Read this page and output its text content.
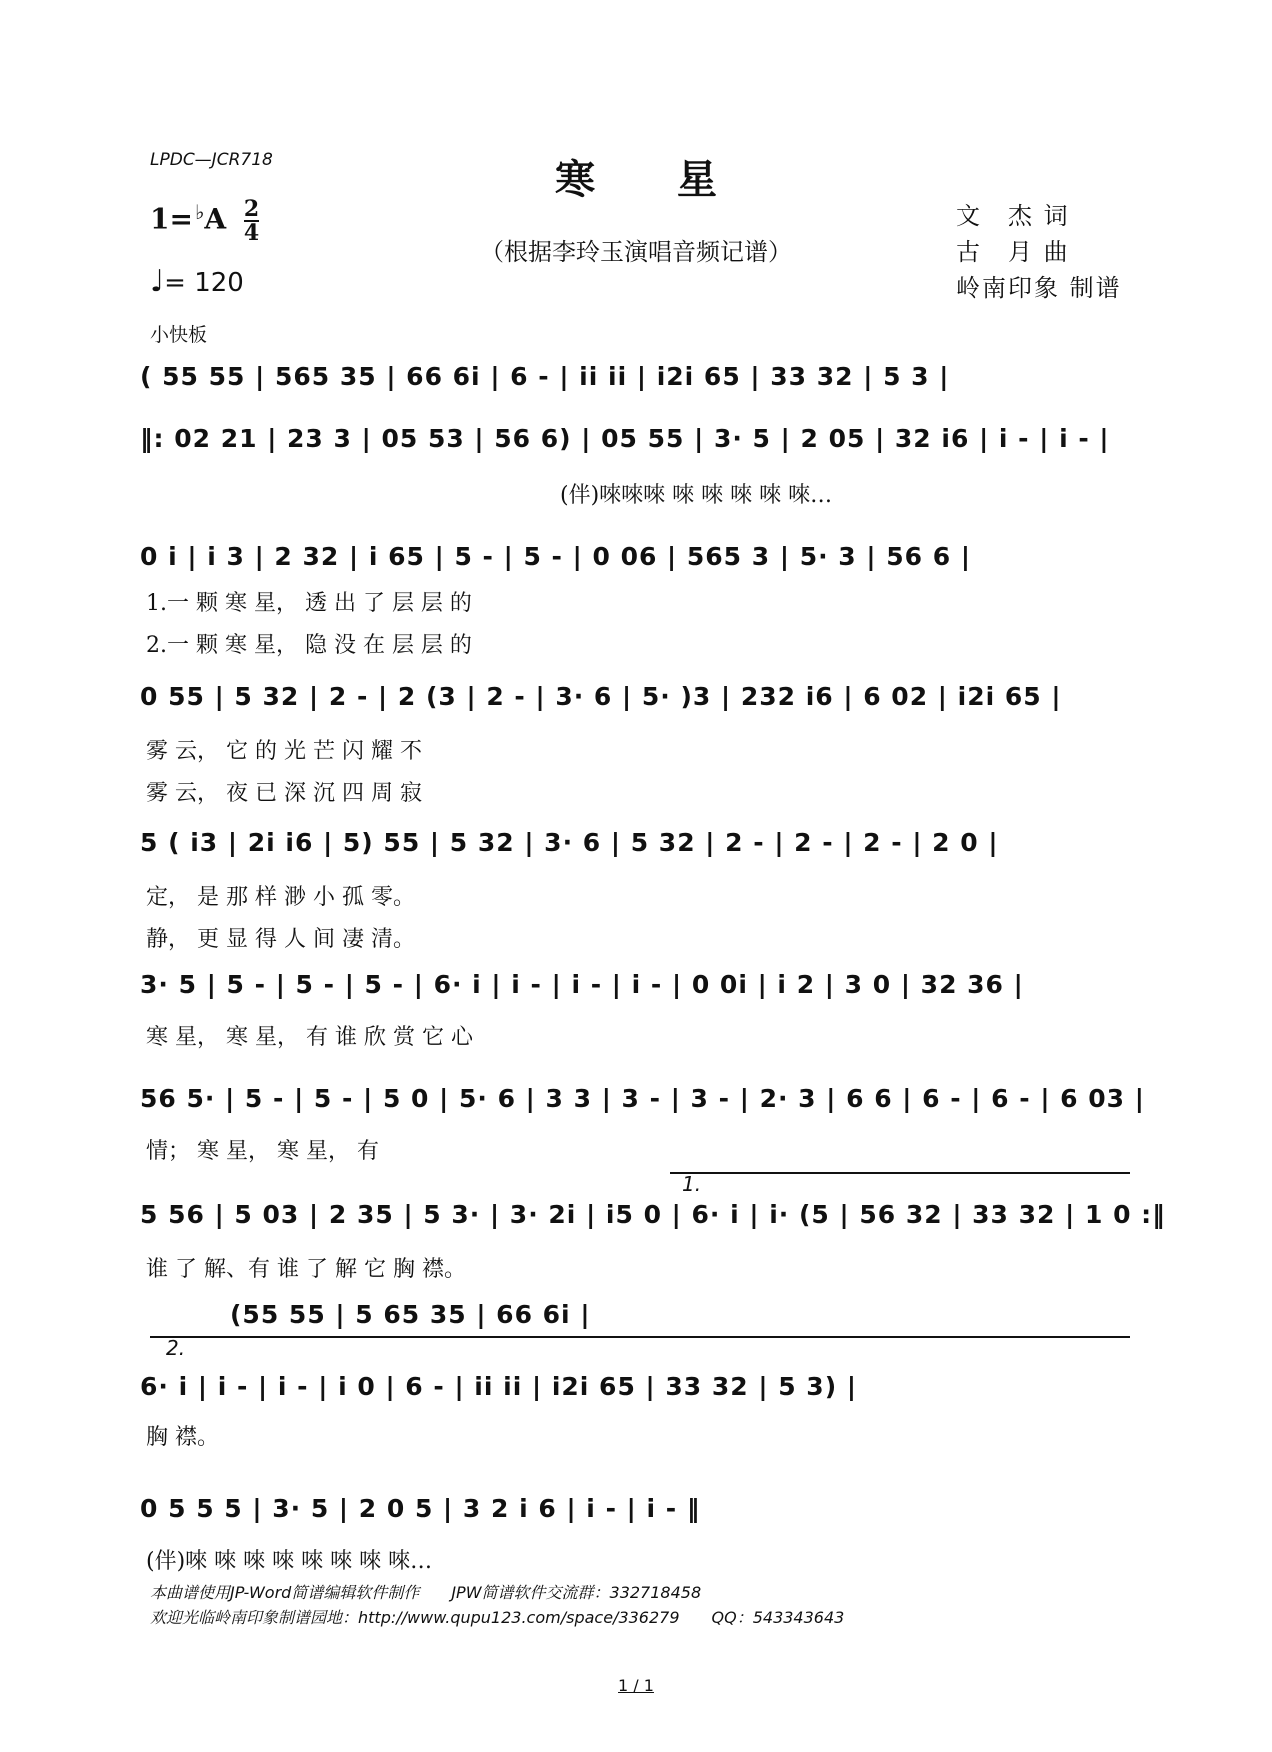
LPDC—JCR718	寒星
（根据李玲玉演唱音频记谱）
$1= ^♭A \frac{2}{4}$
♩= 120
文　杰 词
古　月 曲
岭南印象 制谱
小快板
( 55 55 | 565 35 | 66 6i | 6 - | ii ii | i2i 65 | 33 32 | 5 3 |
‖: 02 21 | 23 3 | 05 53 | 56 6) | 05 55 | 3· 5 | 2 05 | 32 i6 | i - | i - |
(伴)唻唻唻 唻 唻 唻 唻 唻…
0 i | i 3 | 2 32 | i 65 | 5 - | 5 - | 0 06 | 565 3 | 5· 3 | 56 6 |
1.一 颗 寒 星， 透 出 了 层 层 的
2.一 颗 寒 星， 隐 没 在 层 层 的
0 55 | 5 32 | 2 - | 2 (3 | 2 - | 3· 6 | 5· )3 | 232 i6 | 6 02 | i2i 65 |
雾 云， 它 的 光 芒 闪 耀 不
雾 云， 夜 已 深 沉 四 周 寂
5 ( i3 | 2i i6 | 5) 55 | 5 32 | 3· 6 | 5 32 | 2 - | 2 - | 2 - | 2 0 |
定， 是 那 样 渺 小 孤 零。
静， 更 显 得 人 间 凄 清。
3· 5 | 5 - | 5 - | 5 - | 6· i | i - | i - | i - | 0 0i | i 2 | 3 0 | 32 36 |
寒 星， 寒 星， 有 谁 欣 赏 它 心
56 5· | 5 - | 5 - | 5 0 | 5· 6 | 3 3 | 3 - | 3 - | 2· 3 | 6 6 | 6 - | 6 - | 6 03 |
情； 寒 星， 寒 星， 有
1.
5 56 | 5 03 | 2 35 | 5 3· | 3· 2i | i5 0 | 6· i | i· (5 | 56 32 | 33 32 | 1 0 :‖
谁 了 解、有 谁 了 解 它 胸 襟。
(55 55 | 5 65 35 | 66 6i |
2.
6· i | i - | i - | i 0 | 6 - | ii ii | i2i 65 | 33 32 | 5 3) |
胸 襟。
0 5 5 5 | 3· 5 | 2 0 5 | 3 2 i 6 | i - | i - ‖
(伴)唻 唻 唻 唻 唻 唻 唻 唻…
本曲谱使用JP-Word简谱编辑软件制作　　JPW简谱软件交流群：332718458
欢迎光临岭南印象制谱园地：http://www.qupu123.com/space/336279　　QQ：543343643
1 / 1
